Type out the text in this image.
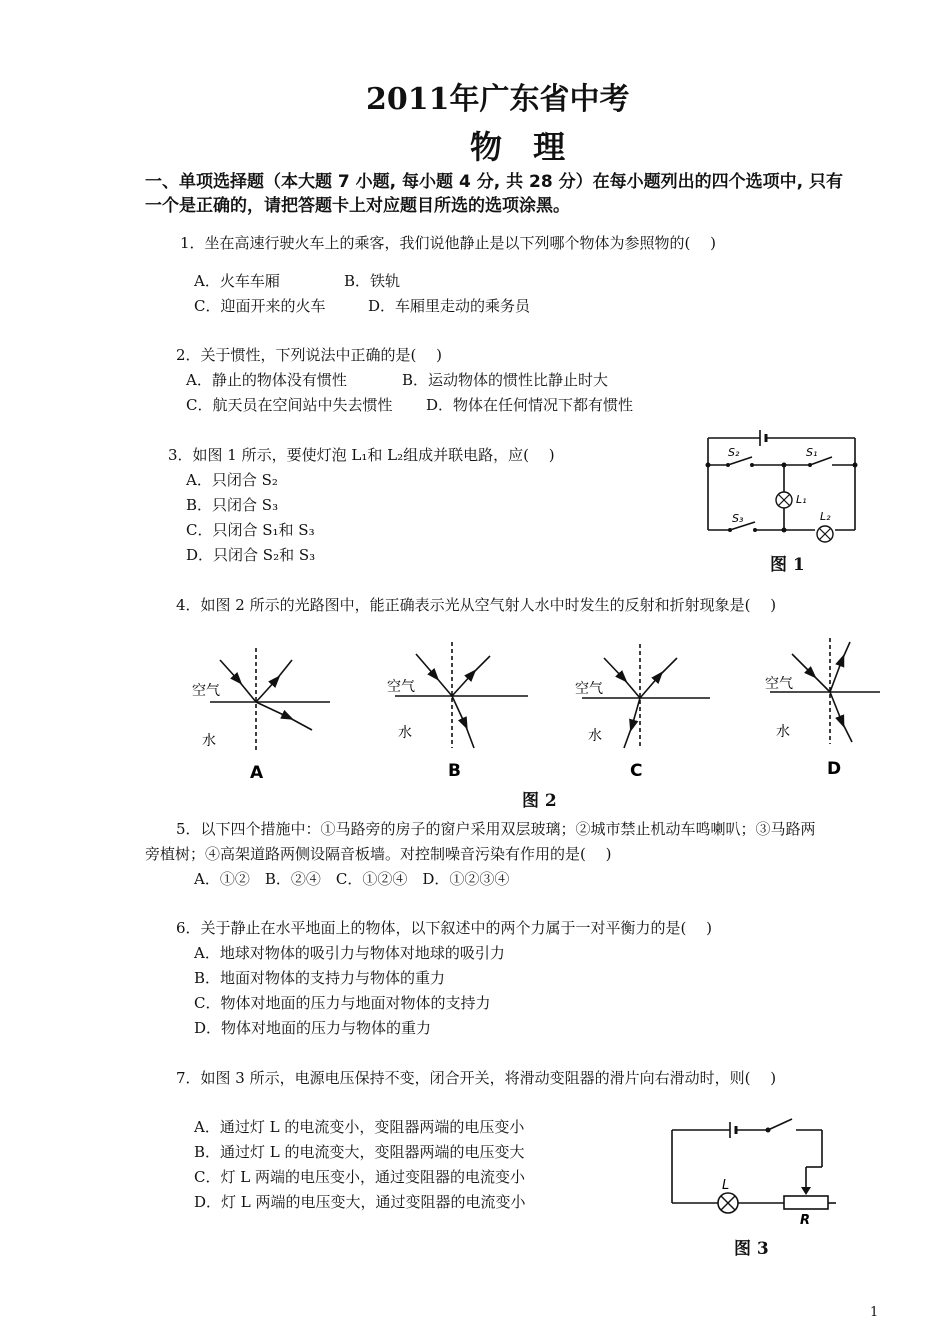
2011年广东省中考
物 理
一、单项选择题（本大题 7 小题, 每小题 4 分, 共 28 分）在每小题列出的四个选项中, 只有
一个是正确的，请把答题卡上对应题目所选的选项涂黑。
1．坐在高速行驶火车上的乘客，我们说他静止是以下列哪个物体为参照物的(　 )
A．火车车厢	B．铁轨
C．迎面开来的火车	D．车厢里走动的乘务员
2．关于惯性，下列说法中正确的是(　 )
A．静止的物体没有惯性	B．运动物体的惯性比静止时大
C．航天员在空间站中失去惯性 D．物体在任何情况下都有惯性
3．如图 1 所示，要使灯泡 L₁和 L₂组成并联电路，应(　 )
A．只闭合 S₂
B．只闭合 S₃
C．只闭合 S₁和 S₃
D．只闭合 S₂和 S₃
S₂	S₁
S₃
L₁
L₂
图 1
4．如图 2 所示的光路图中，能正确表示光从空气射人水中时发生的反射和折射现象是(　 )
空气
水
空气
水
空气
水
空气
水
A	B	C	D
图 2
5．以下四个措施中：①马路旁的房子的窗户采用双层玻璃；②城市禁止机动车鸣喇叭；③马路两
旁植树；④高架道路两侧设隔音板墙。对控制噪音污染有作用的是(　 )
A．①②　B．②④　C．①②④　D．①②③④
6．关于静止在水平地面上的物体，以下叙述中的两个力属于一对平衡力的是(　 )
A．地球对物体的吸引力与物体对地球的吸引力
B．地面对物体的支持力与物体的重力
C．物体对地面的压力与地面对物体的支持力
D．物体对地面的压力与物体的重力
7．如图 3 所示，电源电压保持不变，闭合开关，将滑动变阻器的滑片向右滑动时，则(　 )
A．通过灯 L 的电流变小，变阻器两端的电压变小
B．通过灯 L 的电流变大，变阻器两端的电压变大
C．灯 L 两端的电压变小，通过变阻器的电流变小
D．灯 L 两端的电压变大，通过变阻器的电流变小
L
R
图 3
1
